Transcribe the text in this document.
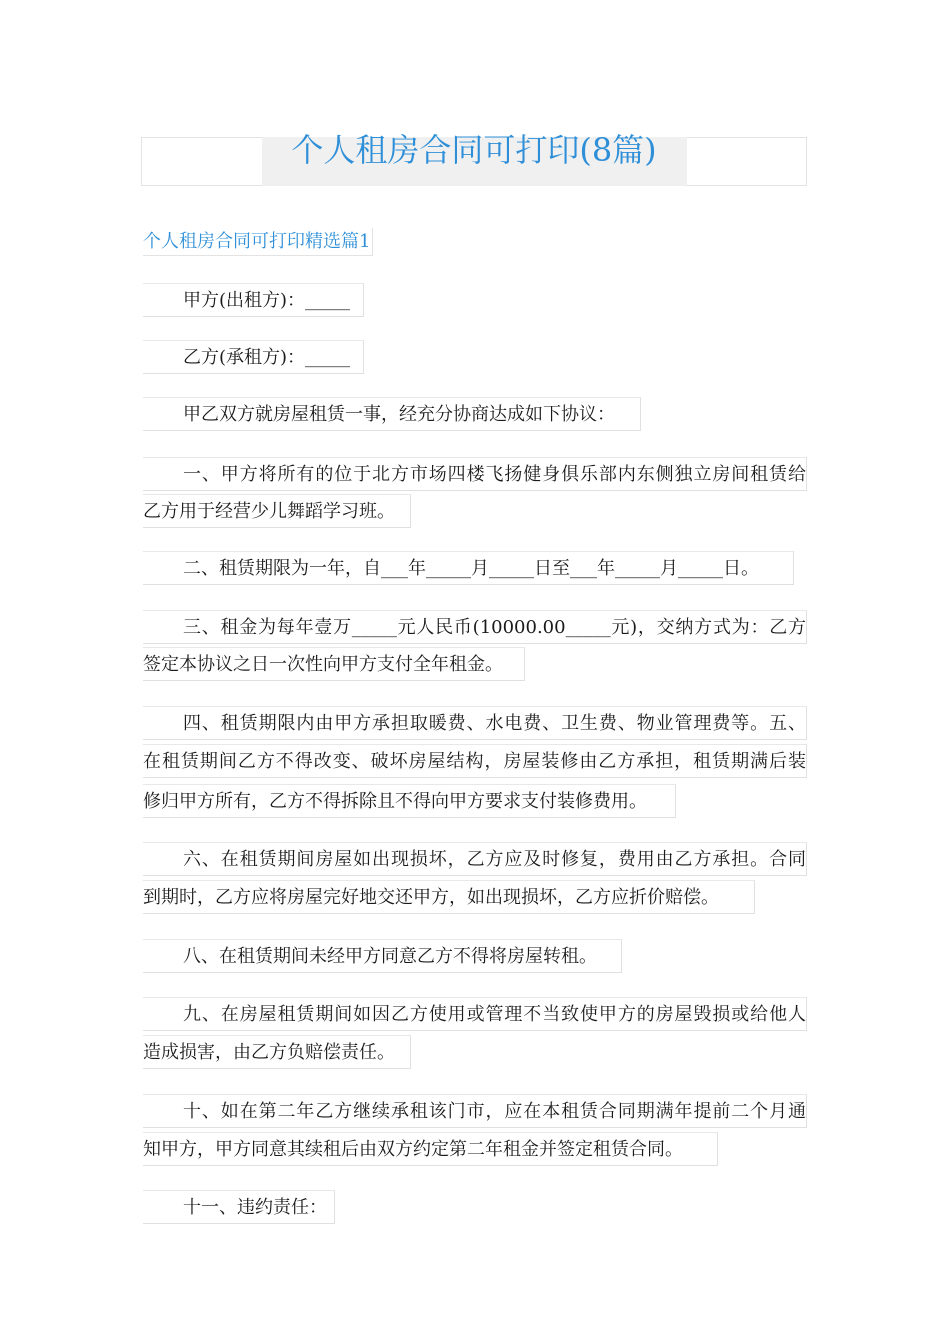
个人租房合同可打印(8篇)
个人租房合同可打印精选篇1
甲方(出租方)：_____
乙方(承租方)：_____
甲乙双方就房屋租赁一事，经充分协商达成如下协议：
一、甲方将所有的位于北方市场四楼飞扬健身俱乐部内东侧独立房间租赁给
乙方用于经营少儿舞蹈学习班。
二、租赁期限为一年，自___年_____月_____日至___年_____月_____日。
三、租金为每年壹万_____元人民币(10000.00_____元)，交纳方式为：乙方
签定本协议之日一次性向甲方支付全年租金。
四、租赁期限内由甲方承担取暖费、水电费、卫生费、物业管理费等。五、
在租赁期间乙方不得改变、破坏房屋结构，房屋装修由乙方承担，租赁期满后装
修归甲方所有，乙方不得拆除且不得向甲方要求支付装修费用。
六、在租赁期间房屋如出现损坏，乙方应及时修复，费用由乙方承担。合同
到期时，乙方应将房屋完好地交还甲方，如出现损坏，乙方应折价赔偿。
八、在租赁期间未经甲方同意乙方不得将房屋转租。
九、在房屋租赁期间如因乙方使用或管理不当致使甲方的房屋毁损或给他人
造成损害，由乙方负赔偿责任。
十、如在第二年乙方继续承租该门市，应在本租赁合同期满年提前二个月通
知甲方，甲方同意其续租后由双方约定第二年租金并签定租赁合同。
十一、违约责任：
